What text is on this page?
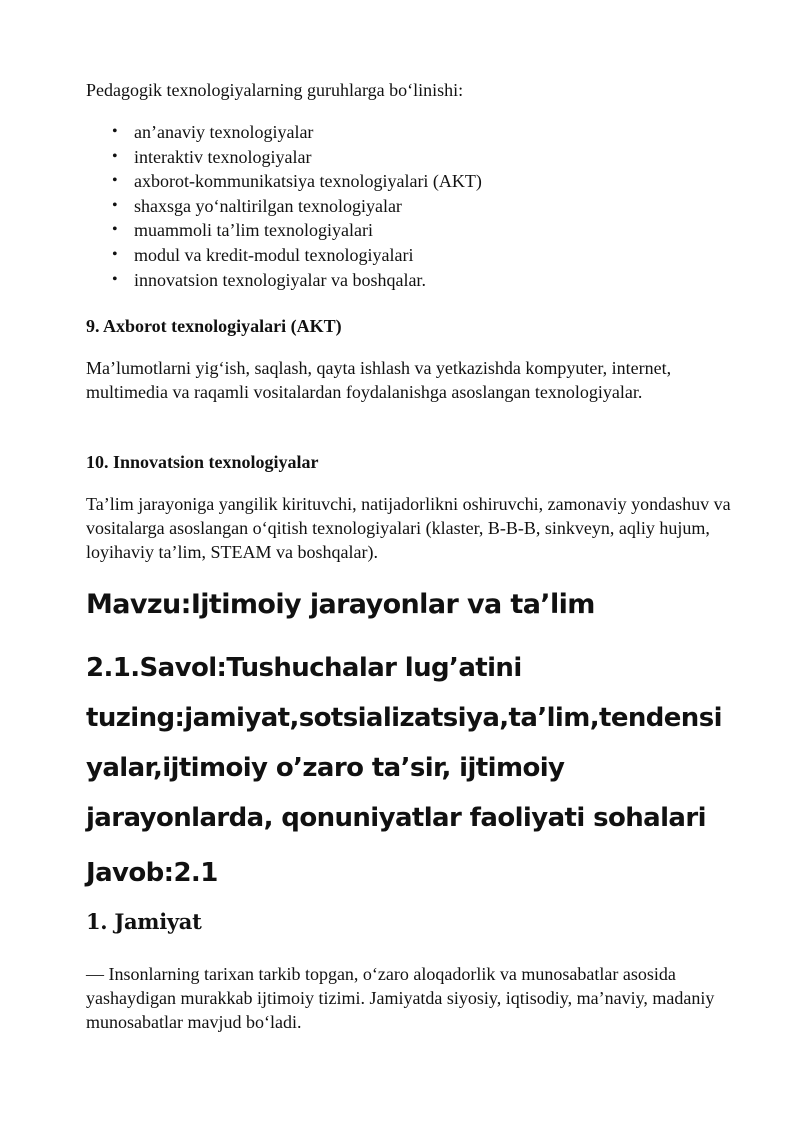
Pedagogik texnologiyalarning guruhlarga bo‘linishi:

• an’anaviy texnologiyalar
• interaktiv texnologiyalar
• axborot-kommunikatsiya texnologiyalari (AKT)
• shaxsga yo‘naltirilgan texnologiyalar
• muammoli ta’lim texnologiyalari
• modul va kredit-modul texnologiyalari
• innovatsion texnologiyalar va boshqalar.

9. Axborot texnologiyalari (AKT)

Ma’lumotlarni yig‘ish, saqlash, qayta ishlash va yetkazishda kompyuter, internet, multimedia va raqamli vositalardan foydalanishga asoslangan texnologiyalar.

10. Innovatsion texnologiyalar

Ta’lim jarayoniga yangilik kirituvchi, natijadorlikni oshiruvchi, zamonaviy yondashuv va vositalarga asoslangan o‘qitish texnologiyalari (klaster, B-B-B, sinkveyn, aqliy hujum, loyihaviy ta’lim, STEAM va boshqalar).

Mavzu:Ijtimoiy jarayonlar va ta’lim

2.1.Savol:Tushuchalar lug’atini

tuzing:jamiyat,sotsializatsiya,ta’lim,tendensi

yalar,ijtimoiy o’zaro ta’sir, ijtimoiy

jarayonlarda, qonuniyatlar faoliyati sohalari

Javob:2.1

1. Jamiyat

— Insonlarning tarixan tarkib topgan, o‘zaro aloqadorlik va munosabatlar asosida yashaydigan murakkab ijtimoiy tizimi. Jamiyatda siyosiy, iqtisodiy, ma’naviy, madaniy munosabatlar mavjud bo‘ladi.
